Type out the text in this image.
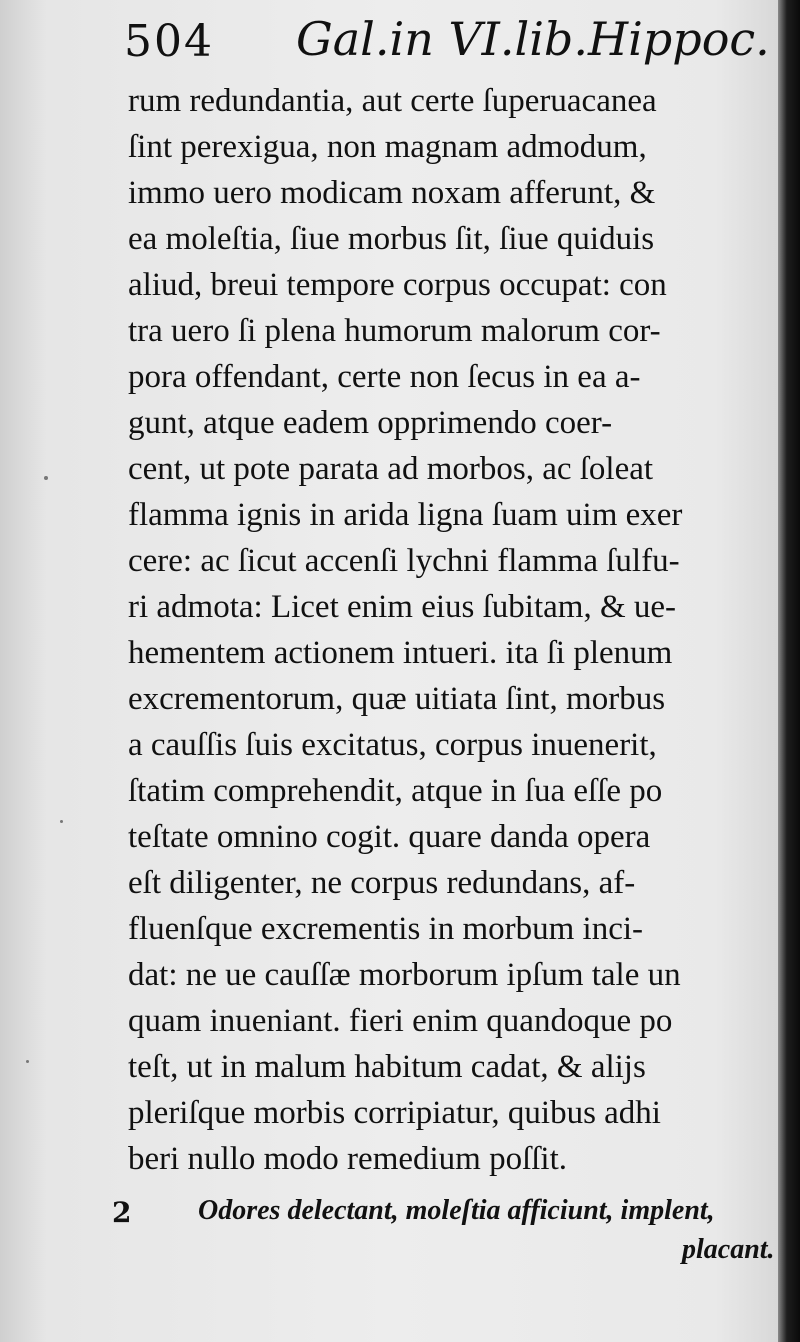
504 Gal.in VI.lib.Hippoc.
rum redundantia, aut certe ſuperuacanea
ſint perexigua, non magnam admodum,
immo uero modicam noxam afferunt, &
ea moleſtia, ſiue morbus ſit, ſiue quiduis
aliud, breui tempore corpus occupat: con
tra uero ſi plena humorum malorum cor-
pora offendant, certe non ſecus in ea a-
gunt, atque eadem opprimendo coer-
cent, ut pote parata ad morbos, ac ſoleat
flamma ignis in arida ligna ſuam uim exer
cere: ac ſicut accenſi lychni flamma ſulfu-
ri admota: Licet enim eius ſubitam, & ue-
hementem actionem intueri. ita ſi plenum
excrementorum, quæ uitiata ſint, morbus
a cauſſis ſuis excitatus, corpus inuenerit,
ſtatim comprehendit, atque in ſua eſſe po
teſtate omnino cogit. quare danda opera
eſt diligenter, ne corpus redundans, af-
fluenſque excrementis in morbum inci-
dat: ne ue cauſſæ morborum ipſum tale un
quam inueniant. fieri enim quandoque po
teſt, ut in malum habitum cadat, & alijs
pleriſque morbis corripiatur, quibus adhi
beri nullo modo remedium poſſit.
2 Odores delectant, moleſtia afficiunt, implent,
placant.
